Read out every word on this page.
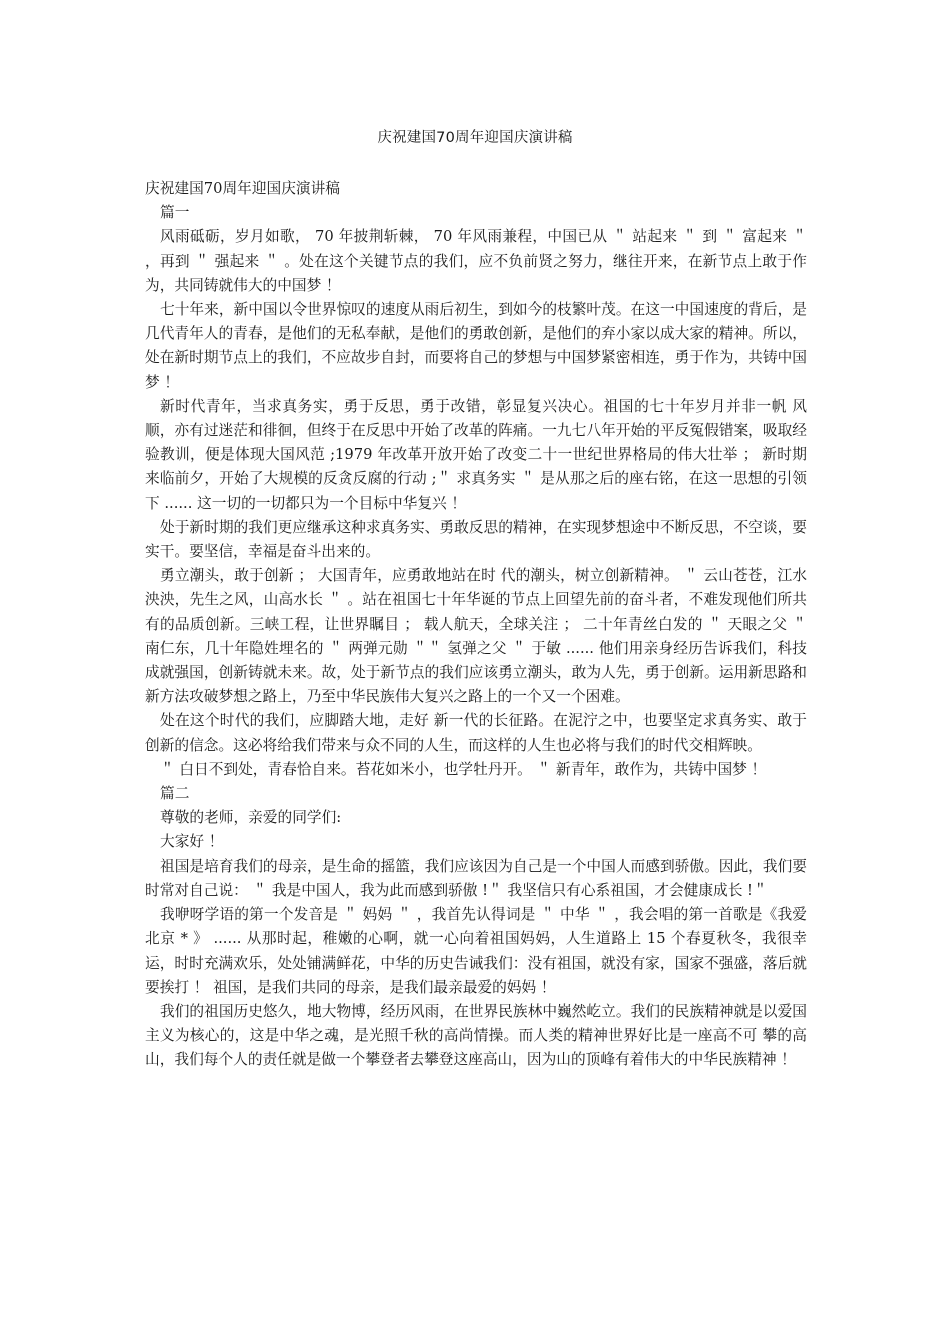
庆祝建国70周年迎国庆演讲稿

庆祝建国70周年迎国庆演讲稿

篇一

风雨砥砺，岁月如歌， 70 年披荆斩棘， 70 年风雨兼程，中国已从 ＂ 站起来 ＂ 到 ＂ 富起来 ＂ ，再到 ＂ 强起来 ＂ 。处在这个关键节点的我们，应不负前贤之努力，继往开来，在新节点上敢于作为，共同铸就伟大的中国梦 ！

七十年来，新中国以令世界惊叹的速度从雨后初生，到如今的枝繁叶茂。在这一中国速度的背后，是几代青年人的青春，是他们的无私奉献，是他们的勇敢创新，是他们的弃小家以成大家的精神。所以，处在新时期节点上的我们，不应故步自封，而要将自己的梦想与中国梦紧密相连，勇于作为，共铸中国梦 ！

新时代青年，当求真务实，勇于反思，勇于改错，彰显复兴决心。祖国的七十年岁月并非一帆 风顺，亦有过迷茫和徘徊，但终于在反思中开始了改革的阵痛。一九七八年开始的平反冤假错案，吸取经验教训，便是体现大国风范 ;1979 年改革开放开始了改变二十一世纪世界格局的伟大壮举 ； 新时期来临前夕，开始了大规模的反贪反腐的行动 ;＂ 求真务实 ＂ 是从那之后的座右铭，在这一思想的引领下 ...... 这一切的一切都只为一个目标中华复兴 ！

处于新时期的我们更应继承这种求真务实、勇敢反思的精神，在实现梦想途中不断反思，不空谈，要实干。要坚信，幸福是奋斗出来的。

勇立潮头，敢于创新 ； 大国青年，应勇敢地站在时 代的潮头，树立创新精神。 ＂ 云山苍苍，江水泱泱，先生之风，山高水长 ＂ 。站在祖国七十年华诞的节点上回望先前的奋斗者，不难发现他们所共有的品质创新。三峡工程，让世界瞩目 ； 载人航天，全球关注 ； 二十年青丝白发的 ＂ 天眼之父 ＂ 南仁东，几十年隐姓埋名的 ＂ 两弹元勋 ＂＂ 氢弹之父 ＂ 于敏 ...... 他们用亲身经历告诉我们，科技成就强国，创新铸就未来。故，处于新节点的我们应该勇立潮头，敢为人先，勇于创新。运用新思路和新方法攻破梦想之路上，乃至中华民族伟大复兴之路上的一个又一个困难。

处在这个时代的我们，应脚踏大地，走好 新一代的长征路。在泥泞之中，也要坚定求真务实、敢于创新的信念。这必将给我们带来与众不同的人生，而这样的人生也必将与我们的时代交相辉映。

＂ 白日不到处，青春恰自来。苔花如米小，也学牡丹开。 ＂ 新青年，敢作为，共铸中国梦 ！

篇二

尊敬的老师，亲爱的同学们:

大家好 ！

祖国是培育我们的母亲，是生命的摇篮，我们应该因为自己是一个中国人而感到骄傲。因此，我们要时常对自己说： ＂ 我是中国人，我为此而感到骄傲 !＂ 我坚信只有心系祖国，才会健康成长 !＂

我咿呀学语的第一个发音是 ＂ 妈妈 ＂ ，我首先认得词是 ＂ 中华 ＂ ，我会唱的第一首歌是《我爱北京 * 》 ...... 从那时起，稚嫩的心啊，就一心向着祖国妈妈，人生道路上 15 个春夏秋冬，我很幸运，时时充满欢乐，处处铺满鲜花，中华的历史告诫我们：没有祖国，就没有家，国家不强盛，落后就要挨打 ！ 祖国，是我们共同的母亲，是我们最亲最爱的妈妈 ！

我们的祖国历史悠久，地大物博，经历风雨，在世界民族林中巍然屹立。我们的民族精神就是以爱国主义为核心的，这是中华之魂，是光照千秋的高尚情操。而人类的精神世界好比是一座高不可 攀的高山，我们每个人的责任就是做一个攀登者去攀登这座高山，因为山的顶峰有着伟大的中华民族精神 ！
